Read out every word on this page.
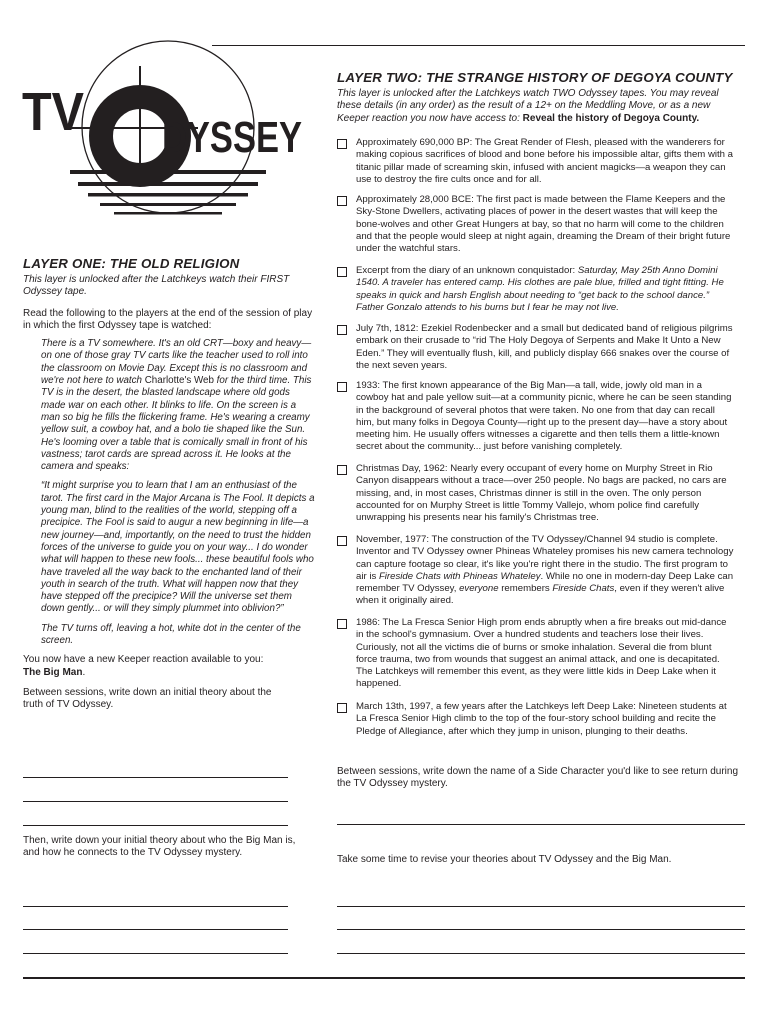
TV DYSSEY
LAYER ONE: THE OLD RELIGION

This layer is unlocked after the Latchkeys watch their FIRST Odyssey tape.

Read the following to the players at the end of the session of play in which the first Odyssey tape is watched:

There is a TV somewhere. It's an old CRT—boxy and heavy—on one of those gray TV carts like the teacher used to roll into the classroom on Movie Day. Except this is no classroom and we're not here to watch Charlotte's Web for the third time. This TV is in the desert, the blasted landscape where old gods made war on each other. It blinks to life. On the screen is a man so big he fills the flickering frame. He's wearing a creamy yellow suit, a cowboy hat, and a bolo tie shaped like the Sun. He's looming over a table that is comically small in front of his vastness; tarot cards are spread across it. He looks at the camera and speaks:

“It might surprise you to learn that I am an enthusiast of the tarot. The first card in the Major Arcana is The Fool. It depicts a young man, blind to the realities of the world, stepping off a precipice. The Fool is said to augur a new beginning in life—a new journey—and, importantly, on the need to trust the hidden forces of the universe to guide you on your way... I do wonder what will happen to these new fools... these beautiful fools who have traveled all the way back to the enchanted land of their youth in search of the truth. What will happen now that they have stepped off the precipice? Will the universe set them down gently... or will they simply plummet into oblivion?”

The TV turns off, leaving a hot, white dot in the center of the screen.

You now have a new Keeper reaction available to you:
The Big Man.

Between sessions, write down an initial theory about the truth of TV Odyssey.

Then, write down your initial theory about who the Big Man is, and how he connects to the TV Odyssey mystery.

LAYER TWO: THE STRANGE HISTORY OF DEGOYA COUNTY

This layer is unlocked after the Latchkeys watch TWO Odyssey tapes. You may reveal these details (in any order) as the result of a 12+ on the Meddling Move, or as a new Keeper reaction you now have access to: Reveal the history of Degoya County.

Approximately 690,000 BP: The Great Render of Flesh, pleased with the wanderers for making copious sacrifices of blood and bone before his impossible altar, gifts them with a titanic pillar made of screaming skin, infused with ancient magicks—a weapon they can use to destroy the fire cults once and for all.
Approximately 28,000 BCE: The first pact is made between the Flame Keepers and the Sky-Stone Dwellers, activating places of power in the desert wastes that will keep the bone-wolves and other Great Hungers at bay, so that no harm will come to the children and that the people would sleep at night again, dreaming the Dream of their bright future under the watchful stars.
Excerpt from the diary of an unknown conquistador: Saturday, May 25th Anno Domini 1540. A traveler has entered camp. His clothes are pale blue, frilled and tight fitting. He speaks in quick and harsh English about needing to “get back to the school dance.” Father Gonzalo attends to his burns but I fear he may not live.
July 7th, 1812: Ezekiel Rodenbecker and a small but dedicated band of religious pilgrims embark on their crusade to “rid The Holy Degoya of Serpents and Make It Unto a New Eden.” They will eventually flush, kill, and publicly display 666 snakes over the course of the next seven years.
1933: The first known appearance of the Big Man—a tall, wide, jowly old man in a cowboy hat and pale yellow suit—at a community picnic, where he can be seen standing in the background of several photos that were taken. No one from that day can recall him, but many folks in Degoya County—right up to the present day—have a story about meeting him. He usually offers witnesses a cigarette and then tells them a little-known secret about the community... just before vanishing completely.
Christmas Day, 1962: Nearly every occupant of every home on Murphy Street in Rio Canyon disappears without a trace—over 250 people. No bags are packed, no cars are missing, and, in most cases, Christmas dinner is still in the oven. The only person accounted for on Murphy Street is little Tommy Vallejo, whom police find carefully unwrapping his presents near his family's Christmas tree.
November, 1977: The construction of the TV Odyssey/Channel 94 studio is complete. Inventor and TV Odyssey owner Phineas Whateley promises his new camera technology can capture footage so clear, it's like you're right there in the studio. The first program to air is Fireside Chats with Phineas Whateley. While no one in modern-day Deep Lake can remember TV Odyssey, everyone remembers Fireside Chats, even if they weren't alive when it originally aired.
1986: The La Fresca Senior High prom ends abruptly when a fire breaks out mid-dance in the school's gymnasium. Over a hundred students and teachers lose their lives. Curiously, not all the victims die of burns or smoke inhalation. Several die from blunt force trauma, two from wounds that suggest an animal attack, and one is decapitated. The Latchkeys will remember this event, as they were little kids in Deep Lake when it happened.
March 13th, 1997, a few years after the Latchkeys left Deep Lake: Nineteen students at La Fresca Senior High climb to the top of the four-story school building and recite the Pledge of Allegiance, after which they jump in unison, plunging to their deaths.

Between sessions, write down the name of a Side Character you'd like to see return during the TV Odyssey mystery.

Take some time to revise your theories about TV Odyssey and the Big Man.
